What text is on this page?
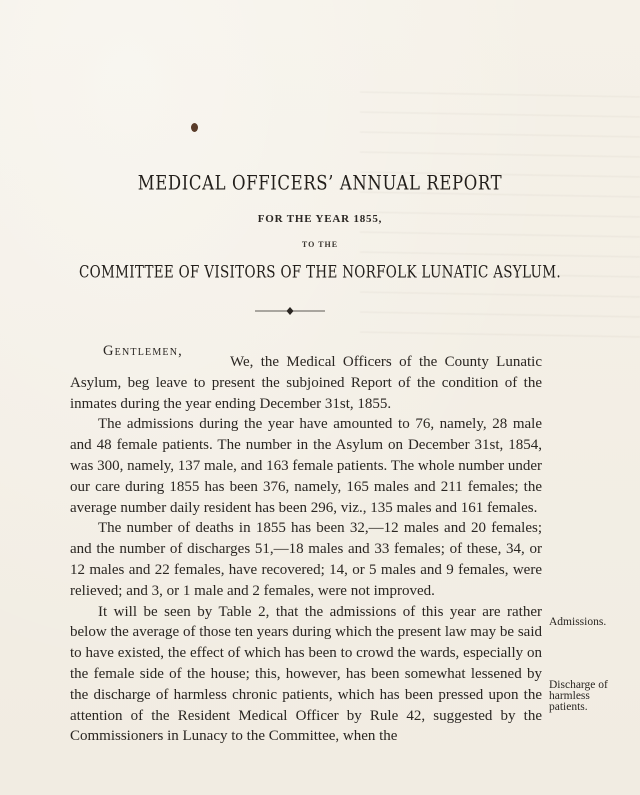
MEDICAL OFFICERS’ ANNUAL REPORT
FOR THE YEAR 1855,
TO THE
COMMITTEE OF VISITORS OF THE NORFOLK LUNATIC ASYLUM.
Gentlemen,

We, the Medical Officers of the County Lunatic Asylum, beg leave to present the subjoined Report of the condition of the inmates during the year ending December 31st, 1855.

The admissions during the year have amounted to 76, namely, 28 male and 48 female patients. The number in the Asylum on December 31st, 1854, was 300, namely, 137 male, and 163 female patients. The whole number under our care during 1855 has been 376, namely, 165 males and 211 females; the average number daily resident has been 296, viz., 135 males and 161 females.

The number of deaths in 1855 has been 32,—12 males and 20 females; and the number of discharges 51,—18 males and 33 females; of these, 34, or 12 males and 22 females, have recovered; 14, or 5 males and 9 females, were relieved; and 3, or 1 male and 2 females, were not improved.

It will be seen by Table 2, that the admissions of this year are rather below the average of those ten years during which the present law may be said to have existed, the effect of which has been to crowd the wards, especially on the female side of the house; this, however, has been somewhat lessened by the discharge of harmless chronic patients, which has been pressed upon the attention of the Resident Medical Officer by Rule 42, suggested by the Commissioners in Lunacy to the Committee, when the

Admissions.
Discharge of
harmless
patients.
